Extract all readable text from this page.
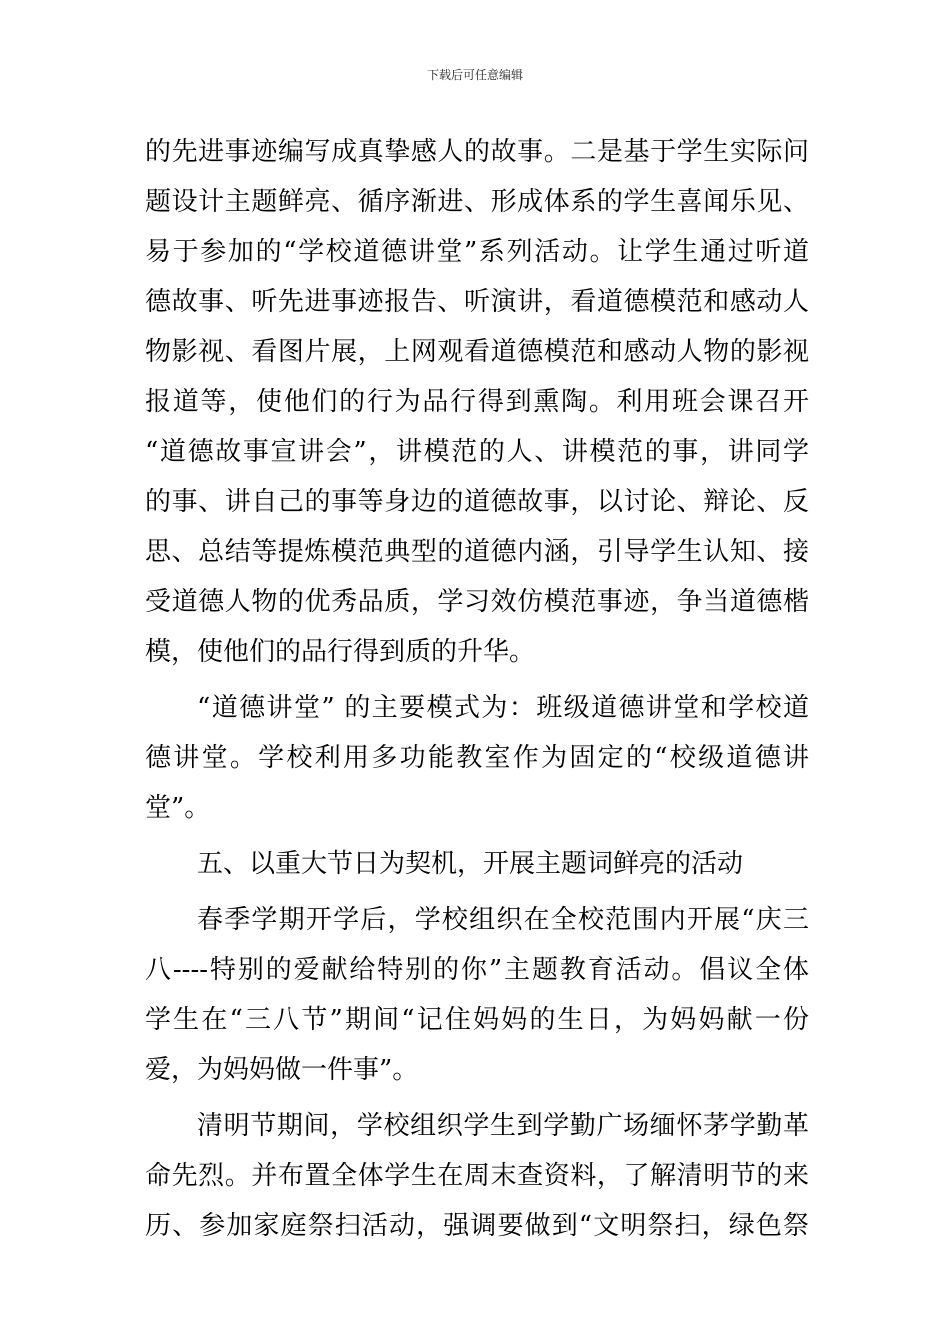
下载后可任意编辑
的先进事迹编写成真挚感人的故事。二是基于学生实际问
题设计主题鲜亮、循序渐进、形成体系的学生喜闻乐见、
易于参加的“学校道德讲堂”系列活动。让学生通过听道
德故事、听先进事迹报告、听演讲，看道德模范和感动人
物影视、看图片展，上网观看道德模范和感动人物的影视
报道等，使他们的行为品行得到熏陶。利用班会课召开
“道德故事宣讲会”，讲模范的人、讲模范的事，讲同学
的事、讲自己的事等身边的道德故事，以讨论、辩论、反
思、总结等提炼模范典型的道德内涵，引导学生认知、接
受道德人物的优秀品质，学习效仿模范事迹，争当道德楷
模，使他们的品行得到质的升华。
“道德讲堂” 的主要模式为：班级道德讲堂和学校道
德讲堂。学校利用多功能教室作为固定的“校级道德讲
堂”。
五、以重大节日为契机，开展主题词鲜亮的活动
春季学期开学后，学校组织在全校范围内开展“庆三
八----特别的爱献给特别的你”主题教育活动。倡议全体
学生在“三八节”期间“记住妈妈的生日，为妈妈献一份
爱，为妈妈做一件事”。
清明节期间，学校组织学生到学勤广场缅怀茅学勤革
命先烈。并布置全体学生在周末查资料，了解清明节的来
历、参加家庭祭扫活动，强调要做到“文明祭扫，绿色祭
